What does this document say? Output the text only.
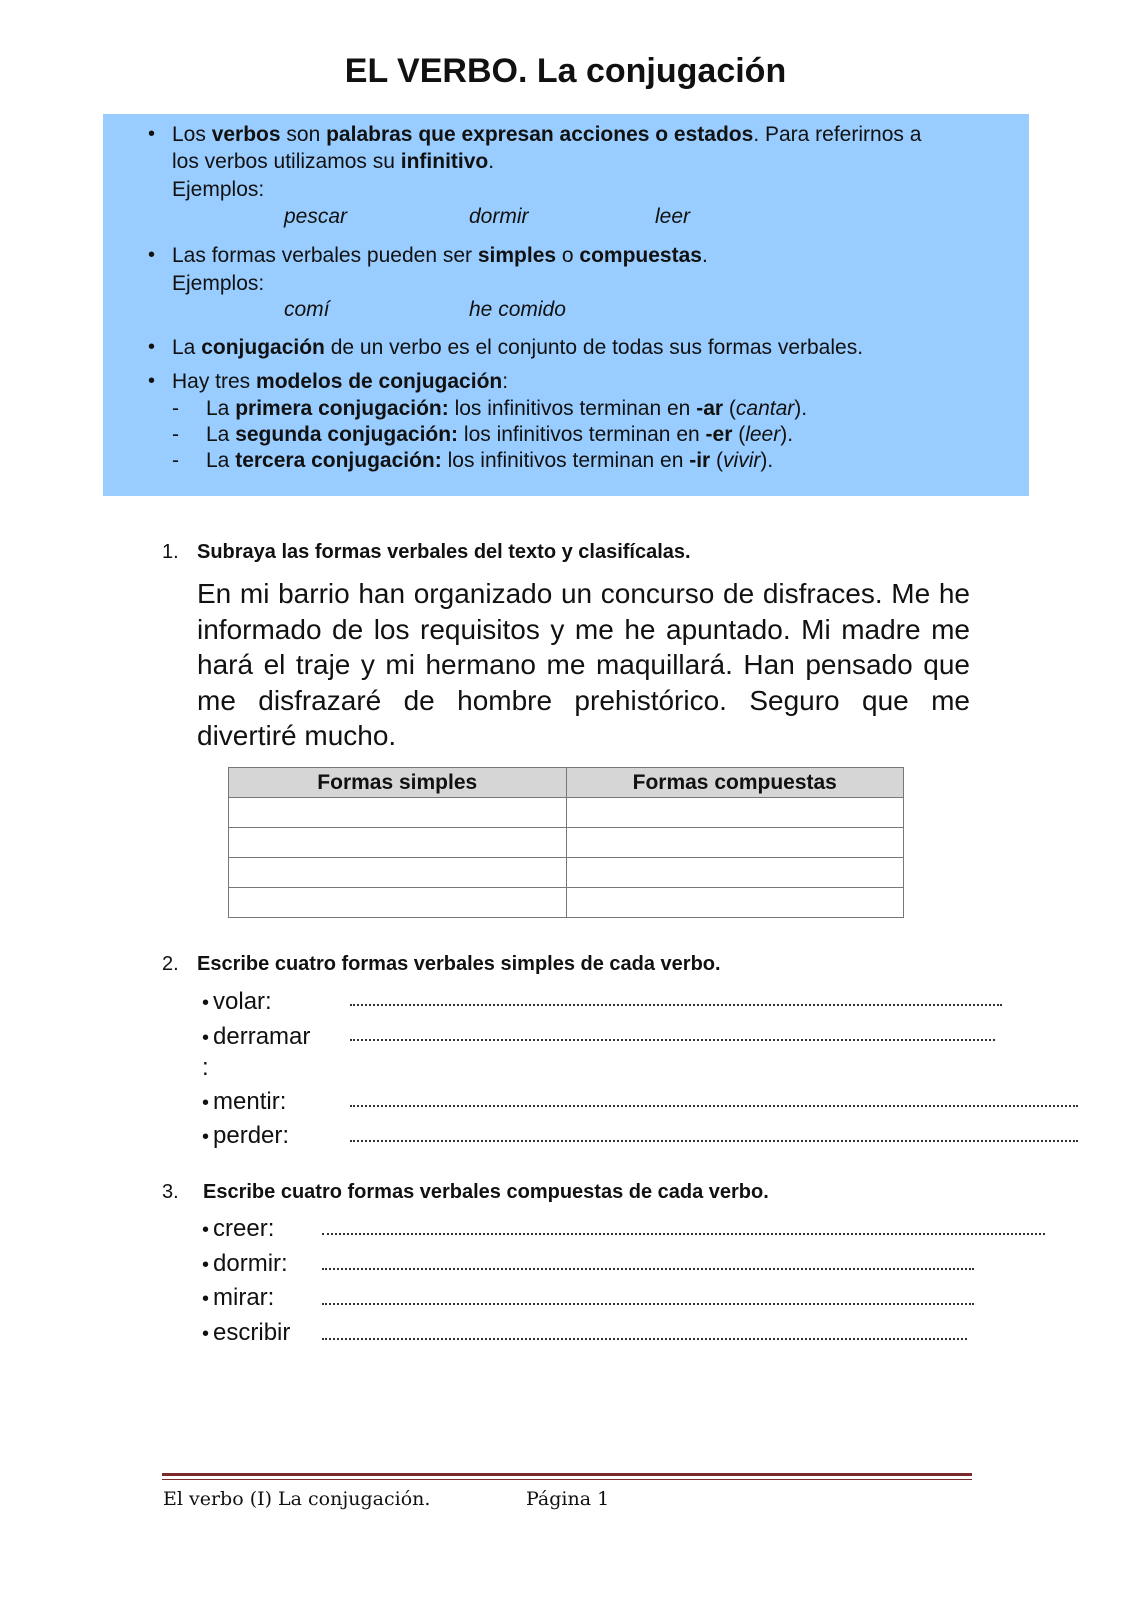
EL VERBO. La conjugación
• Los verbos son palabras que expresan acciones o estados. Para referirnos a
los verbos utilizamos su infinitivo.
Ejemplos:
pescar	dormir	leer
• Las formas verbales pueden ser simples o compuestas.
Ejemplos:
comí	he comido
• La conjugación de un verbo es el conjunto de todas sus formas verbales.
• Hay tres modelos de conjugación:
- La primera conjugación: los infinitivos terminan en -ar (cantar).
- La segunda conjugación: los infinitivos terminan en -er (leer).
- La tercera conjugación: los infinitivos terminan en -ir (vivir).
1. Subraya las formas verbales del texto y clasifícalas.

En mi barrio han organizado un concurso de disfraces. Me he informado de los requisitos y me he apuntado. Mi madre me hará el traje y mi hermano me maquillará. Han pensado que me disfrazaré de hombre prehistórico. Seguro que me divertiré mucho.

Formas simples	Formas compuestas

2. Escribe cuatro formas verbales simples de cada verbo.
• volar:
• derramar
:
• mentir:
• perder:
3. Escribe cuatro formas verbales compuestas de cada verbo.
• creer:
• dormir:
• mirar:
• escribir
El verbo (I) La conjugación.	Página 1
